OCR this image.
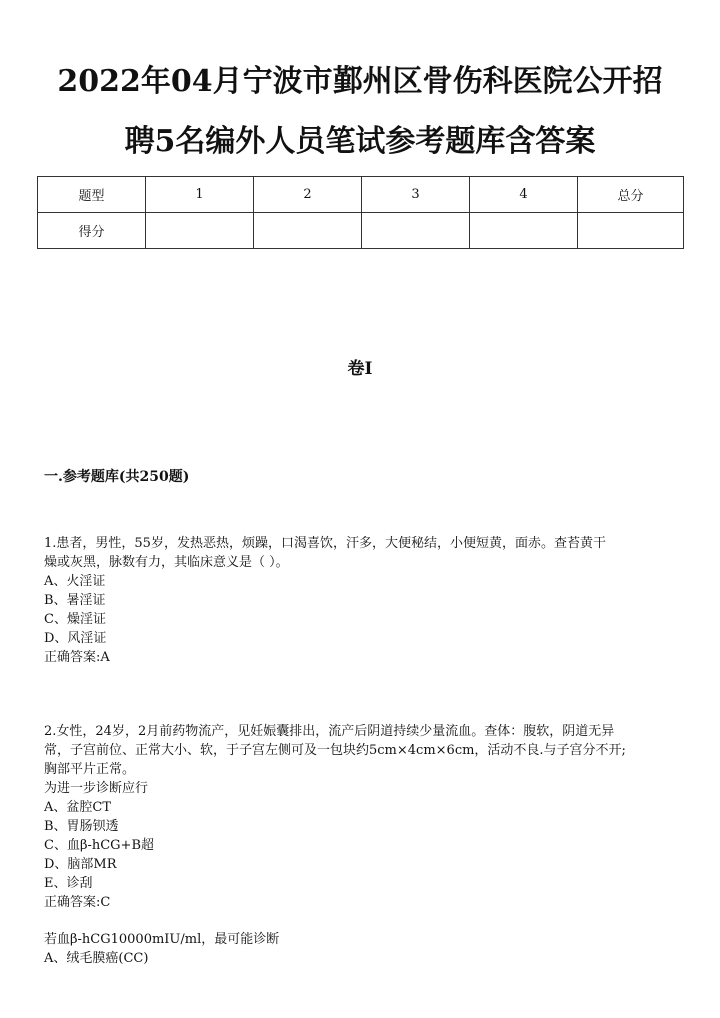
2022年04月宁波市鄞州区骨伤科医院公开招
聘5名编外人员笔试参考题库含答案
题型	1	2	3	4	总分
得分					
卷I
一.参考题库(共250题)
1.患者，男性，55岁，发热恶热，烦躁，口渴喜饮，汗多，大便秘结，小便短黄，面赤。查苔黄干
燥或灰黑，脉数有力，其临床意义是（ ）。
A、火淫证
B、暑淫证
C、燥淫证
D、风淫证
正确答案:A
2.女性，24岁，2月前药物流产，见妊娠囊排出，流产后阴道持续少量流血。查体：腹软，阴道无异
常，子宫前位、正常大小、软，于子宫左侧可及一包块约5cm×4cm×6cm，活动不良.与子宫分不开;
胸部平片正常。
为进一步诊断应行
A、盆腔CT
B、胃肠钡透
C、血β-hCG+B超
D、脑部MR
E、诊刮
正确答案:C
若血β-hCG10000mIU/ml，最可能诊断
A、绒毛膜癌(CC)
